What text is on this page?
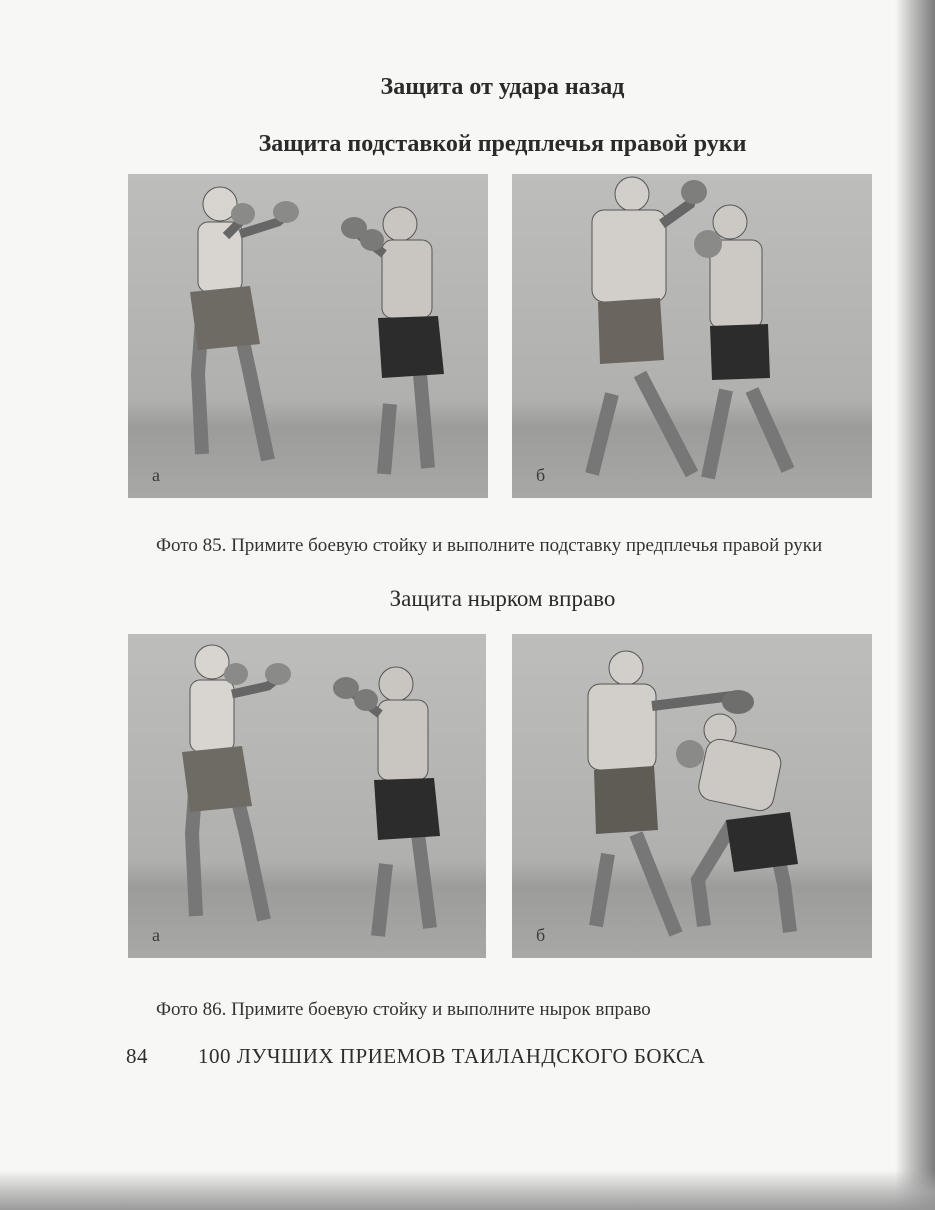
Защита от удара назад
Защита подставкой предплечья правой руки
а	б

Фото 85. Примите боевую стойку и выполните подставку предплечья правой руки

Защита нырком вправо
а	б

Фото 86. Примите боевую стойку и выполните нырок вправо

84 100 ЛУЧШИХ ПРИЕМОВ ТАИЛАНДСКОГО БОКСА
